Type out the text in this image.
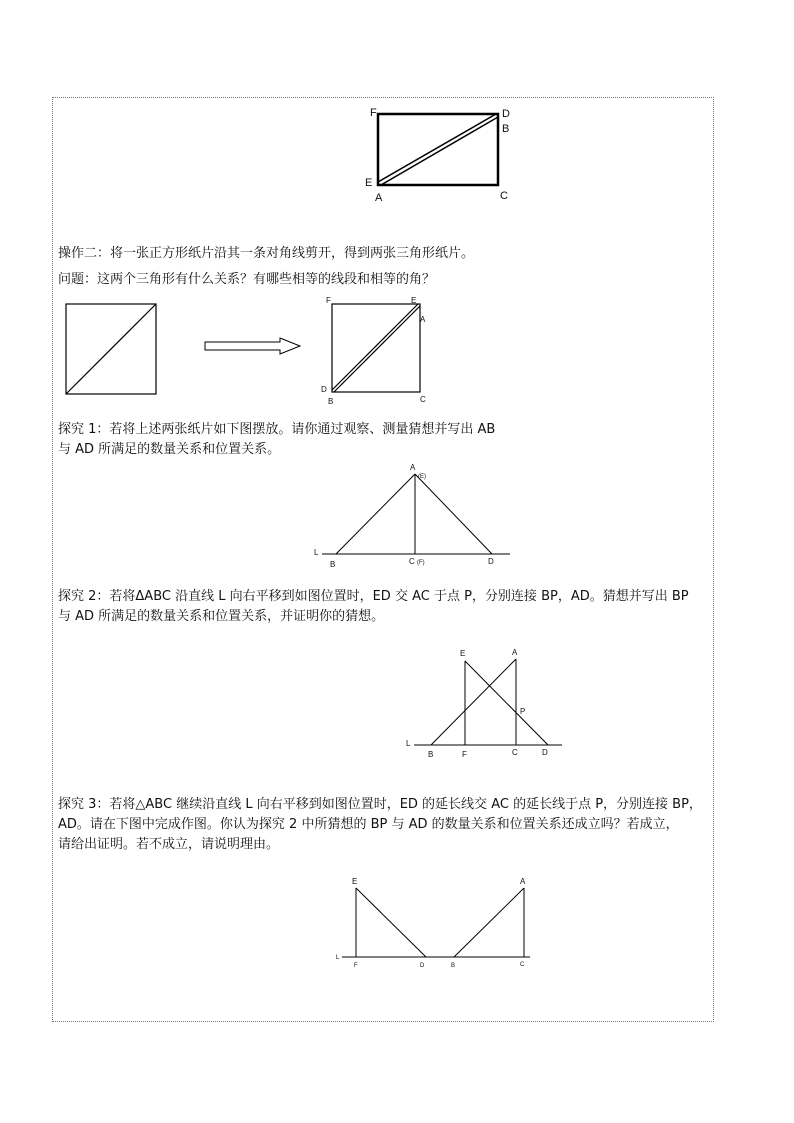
F	D
B
E
A	C
操作二：将一张正方形纸片沿其一条对角线剪开，得到两张三角形纸片。
问题：这两个三角形有什么关系？有哪些相等的线段和相等的角？
F	E
A
D
B	C
探究 1：若将上述两张纸片如下图摆放。请你通过观察、测量猜想并写出 AB
与 AD 所满足的数量关系和位置关系。
L
A
(E)
B	C (F)	D
探究 2：若将ΔABC 沿直线 L 向右平移到如图位置时，ED 交 AC 于点 P，分别连接 BP，AD。猜想并写出 BP
与 AD 所满足的数量关系和位置关系，并证明你的猜想。
E	A
P
L
B	F	C	D
探究 3：若将△ABC 继续沿直线 L 向右平移到如图位置时，ED 的延长线交 AC 的延长线于点 P，分别连接 BP，
AD。请在下图中完成作图。你认为探究 2 中所猜想的 BP 与 AD 的数量关系和位置关系还成立吗？若成立，
请给出证明。若不成立，请说明理由。
E	A
L
F	D	B	C
